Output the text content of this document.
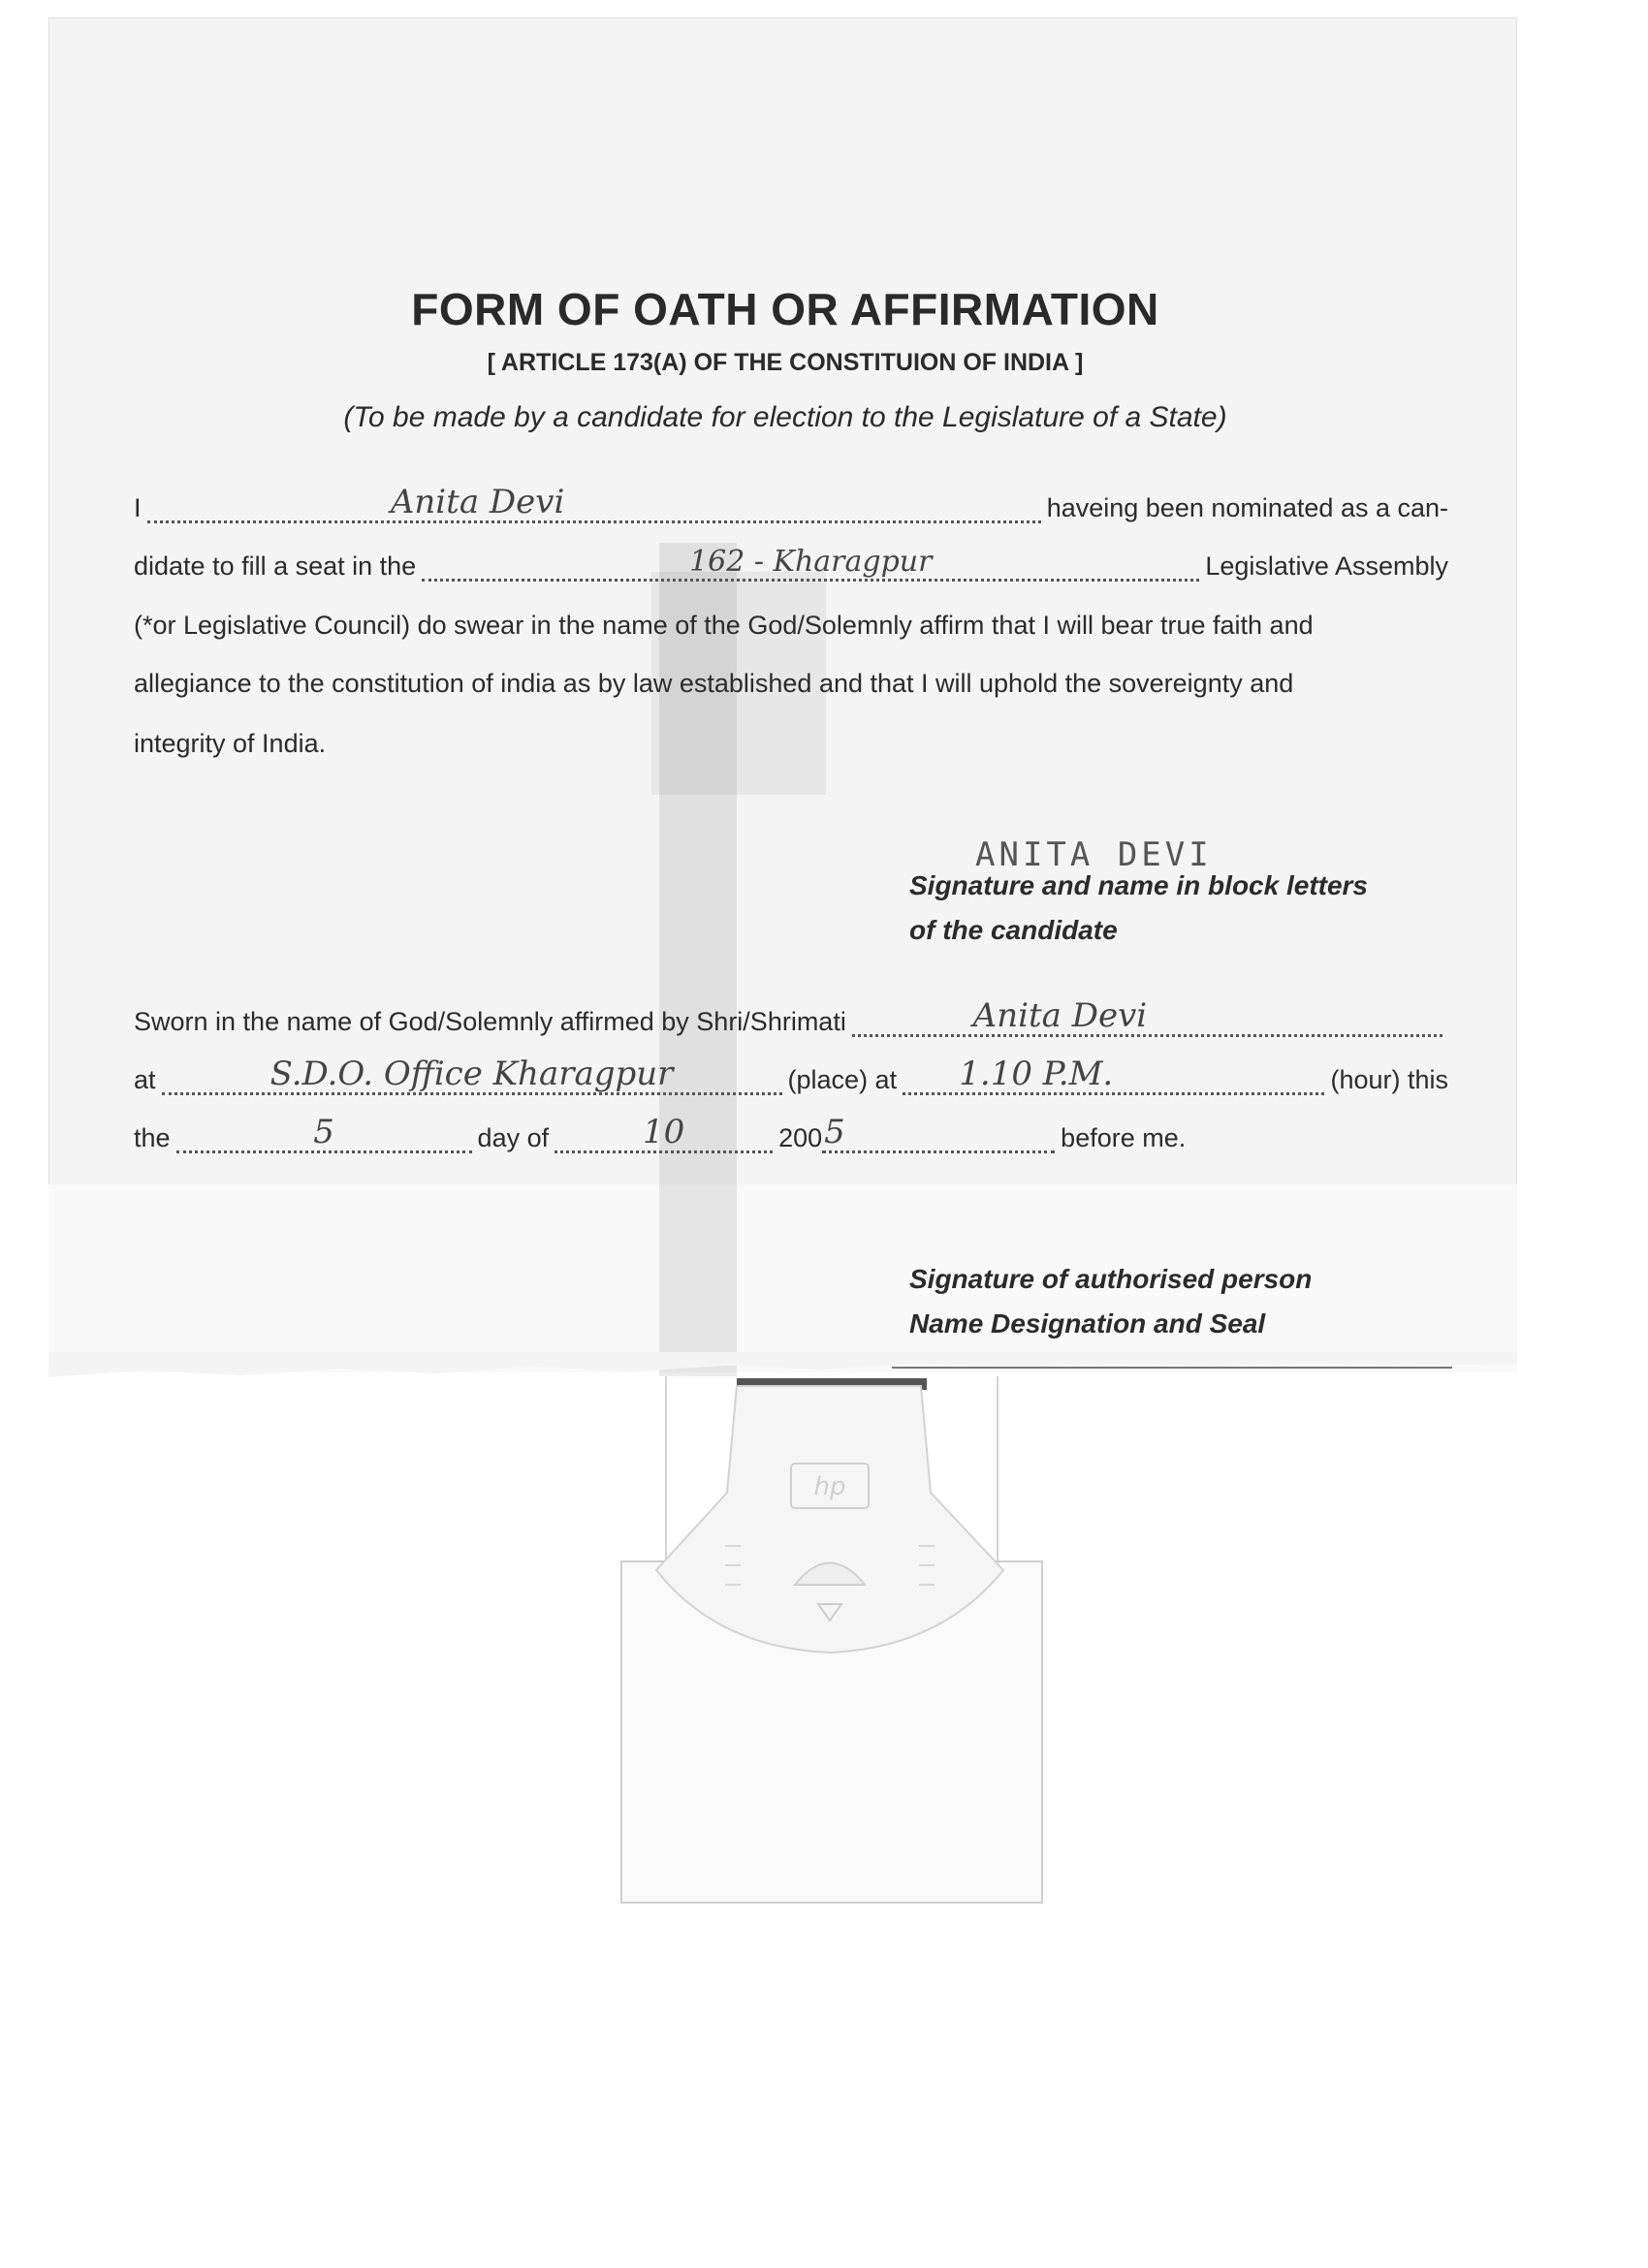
FORM OF OATH OR AFFIRMATION
[ ARTICLE 173(A) OF THE CONSTITUION OF INDIA ]
(To be made by a candidate for election to the Legislature of a State)
I	Anita Devi	haveing been nominated as a can-
didate to fill a seat in the	162 - Kharagpur	Legislative Assembly
(*or Legislative Council) do swear in the name of the God/Solemnly affirm that I will bear true faith and
allegiance to the constitution of india as by law established and that I will uphold the sovereignty and
integrity of India.
ANITA DEVI
Signature and name in block letters
of the candidate
Sworn in the name of God/Solemnly affirmed by Shri/Shrimati	Anita Devi
at	S.D.O. Office Kharagpur	(place) at	1.10 P.M.	(hour) this
the	5	day of	10	200 5	before me.
Signature of authorised person
Name Designation and Seal
hp
